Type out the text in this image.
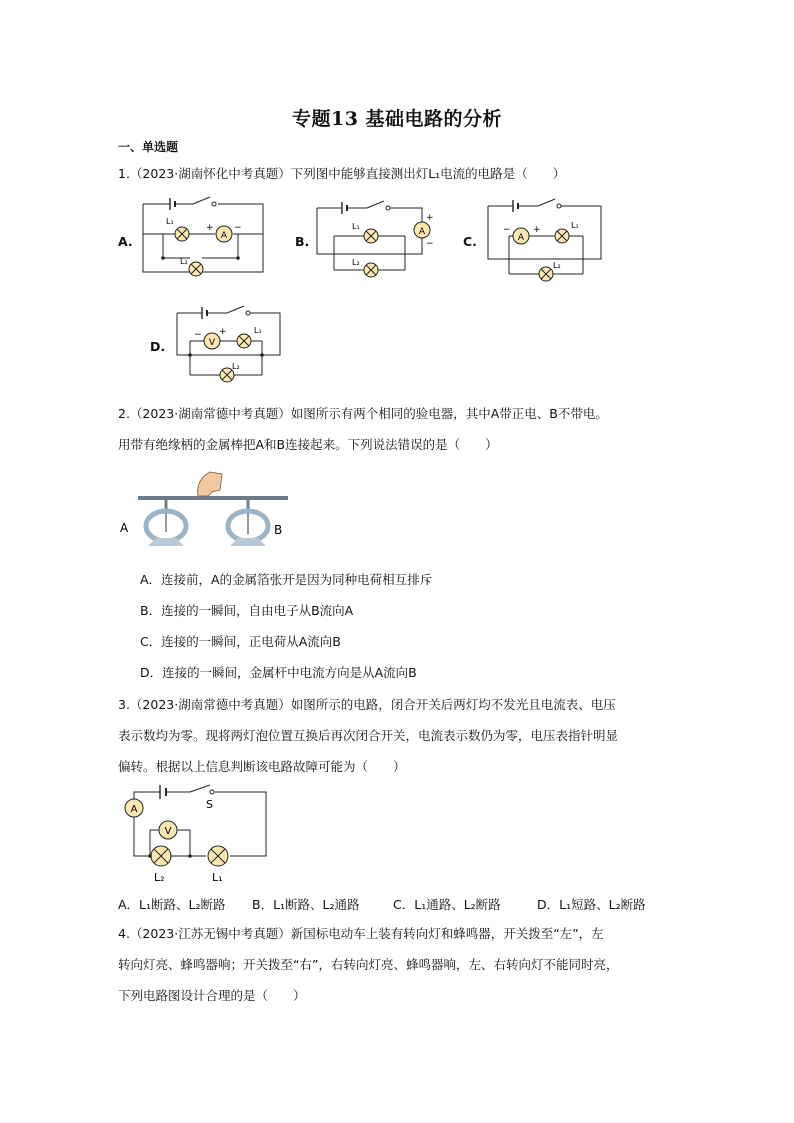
专题13 基础电路的分析
一、单选题
1.（2023·湖南怀化中考真题）下列图中能够直接测出灯L₁电流的电路是（　　）
A.	B.	C.
D.
A
+ −
L₁
L₂
A
+
−
L₁
L₂
A
− +	L₁
L₂
V
− +	L₁
L₂
2.（2023·湖南常德中考真题）如图所示有两个相同的验电器，其中A带正电、B不带电。
用带有绝缘柄的金属棒把A和B连接起来。下列说法错误的是（　　）
A	B
A．连接前，A的金属箔张开是因为同种电荷相互排斥
B．连接的一瞬间，自由电子从B流向A
C．连接的一瞬间，正电荷从A流向B
D．连接的一瞬间，金属杆中电流方向是从A流向B
3.（2023·湖南常德中考真题）如图所示的电路，闭合开关后两灯均不发光且电流表、电压
表示数均为零。现将两灯泡位置互换后再次闭合开关，电流表示数仍为零，电压表指针明显
偏转。根据以上信息判断该电路故障可能为（　　）
A
V
S
L₂	L₁
A．L₁断路、L₂断路 B．L₁断路、L₂通路	C．L₁通路、L₂断路	D．L₁短路、L₂断路
4.（2023·江苏无锡中考真题）新国标电动车上装有转向灯和蜂鸣器，开关拨至“左”，左
转向灯亮、蜂鸣器响；开关拨至“右”，右转向灯亮、蜂鸣器响，左、右转向灯不能同时亮，
下列电路图设计合理的是（　　）
